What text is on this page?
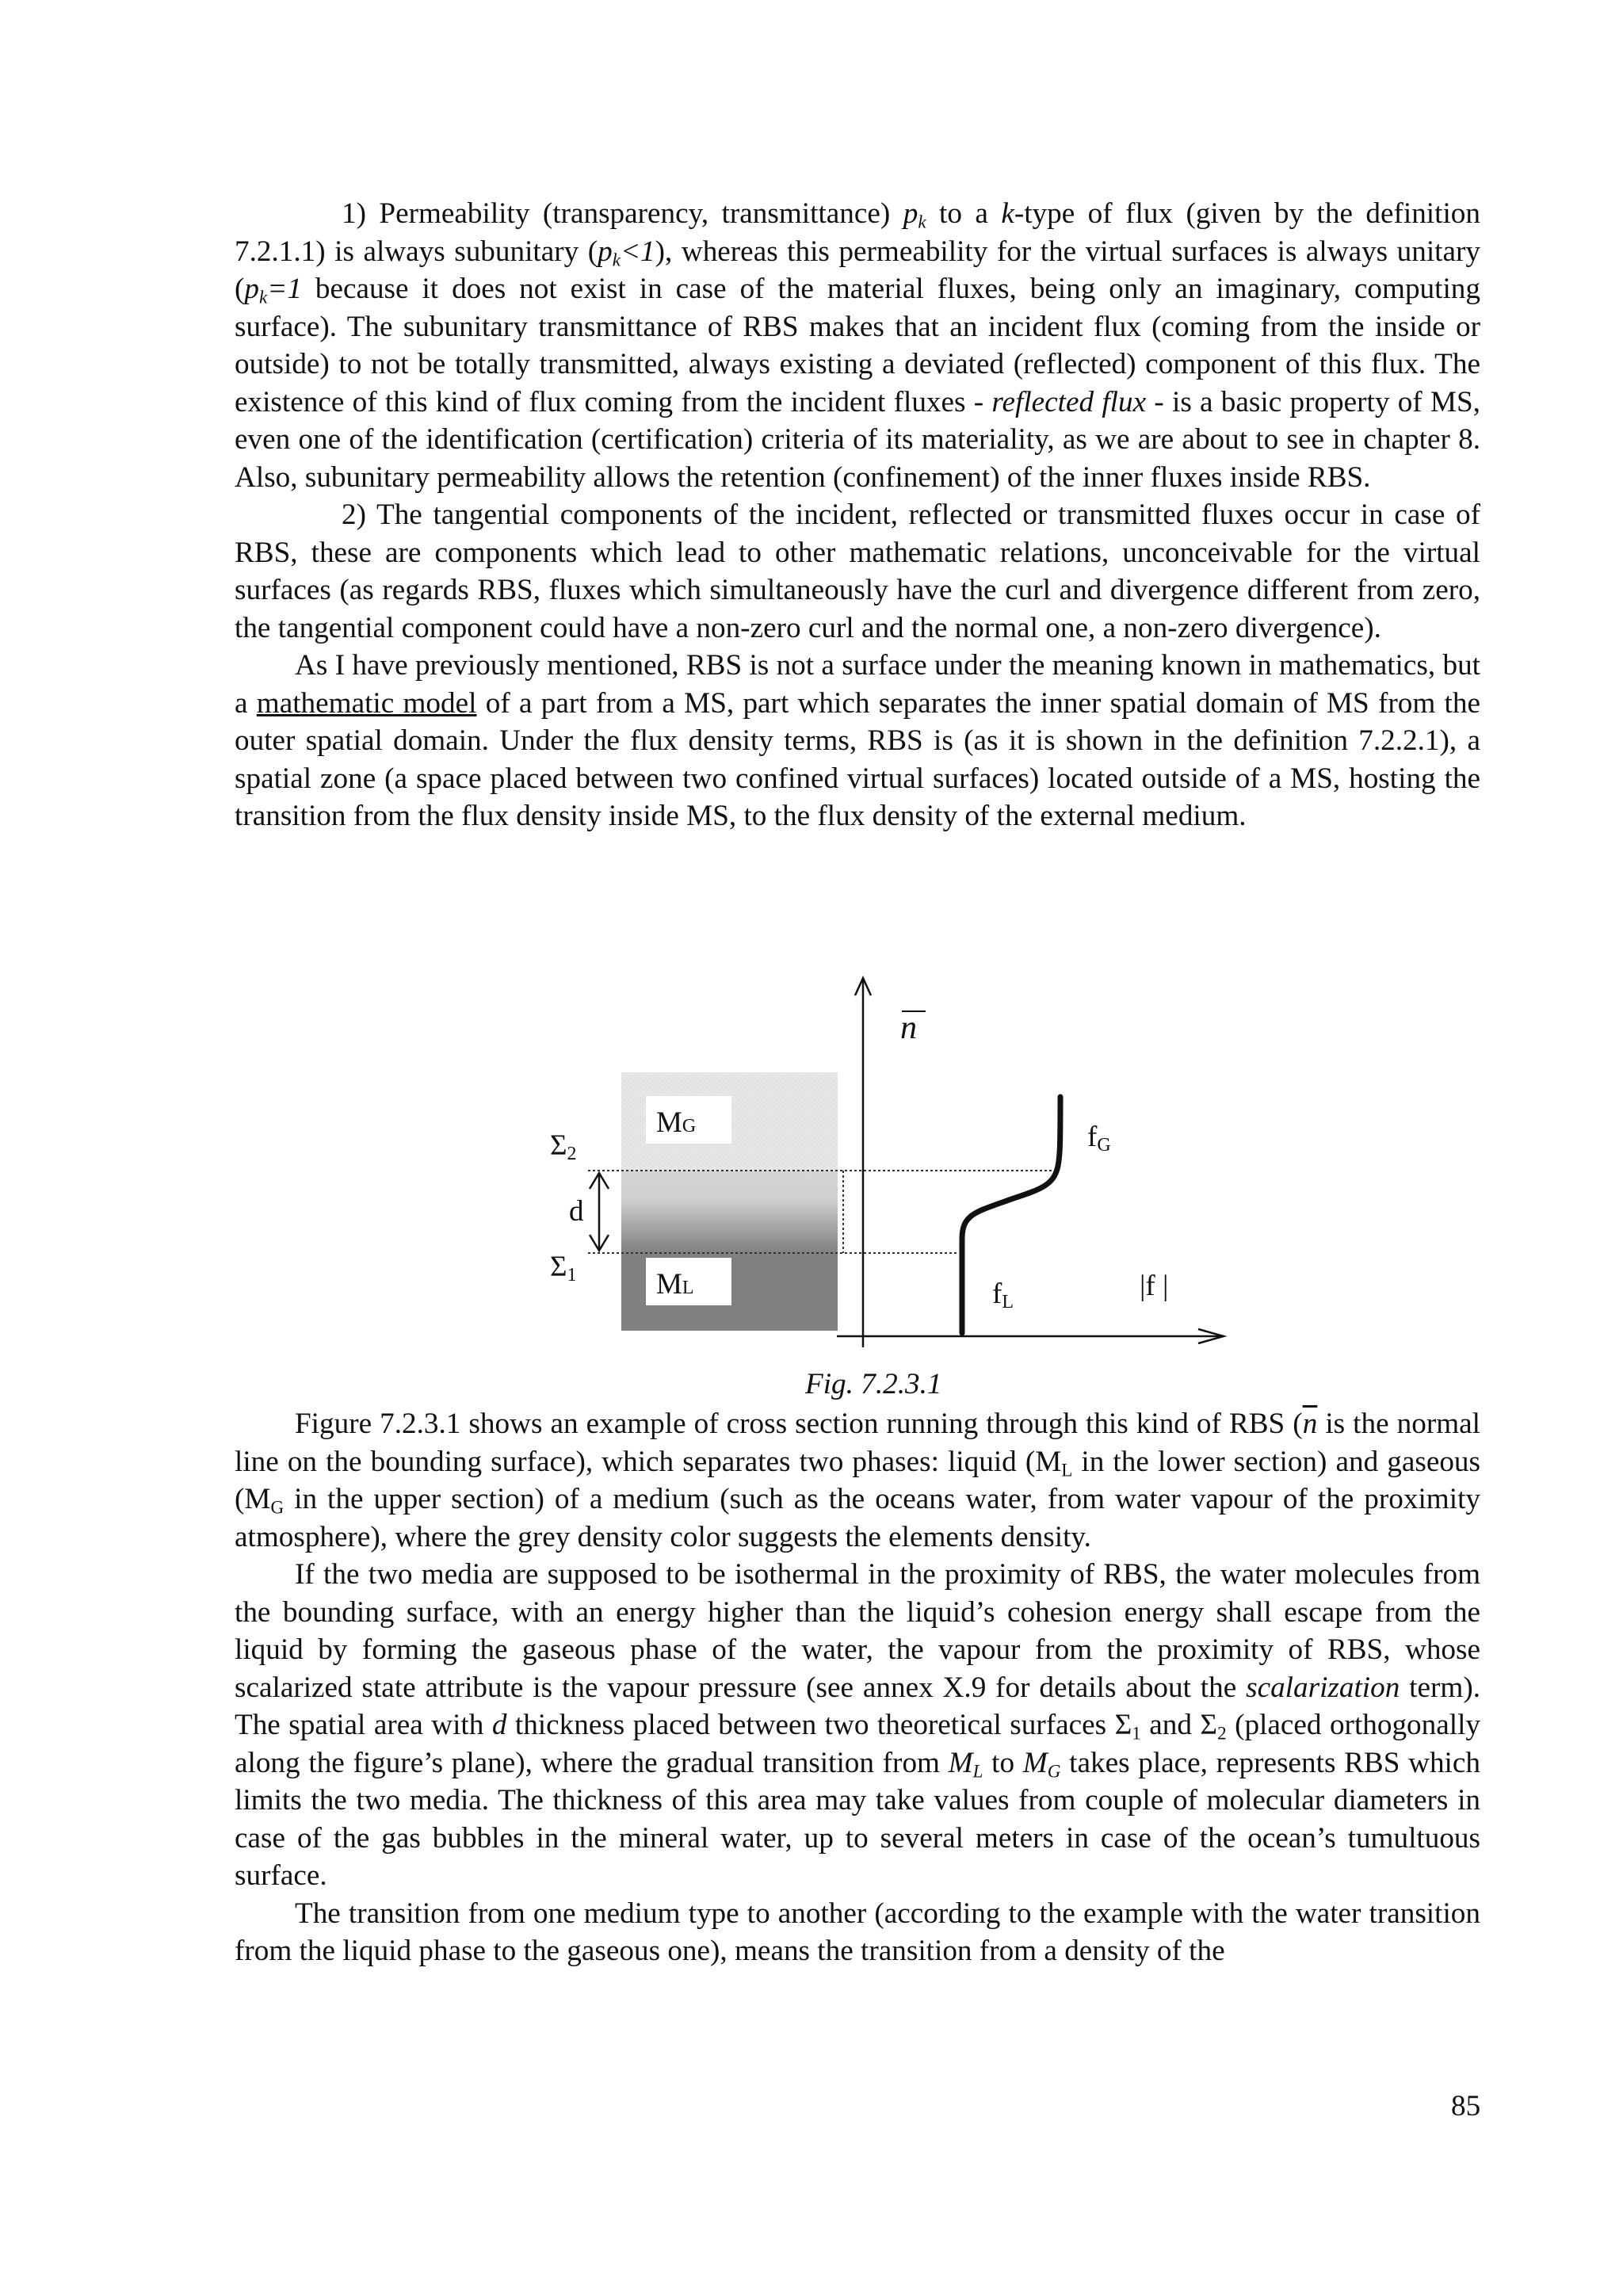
1) Permeability (transparency, transmittance) $p_k$ to a k-type of flux (given by the definition 7.2.1.1) is always subunitary $(p_k<1)$, whereas this permeability for the virtual surfaces is always unitary ($p_k=1$ because it does not exist in case of the material fluxes, being only an imaginary, computing surface). The subunitary transmittance of RBS makes that an incident flux (coming from the inside or outside) to not be totally transmitted, always existing a deviated (reflected) component of this flux. The existence of this kind of flux coming from the incident fluxes - reflected flux - is a basic property of MS, even one of the identification (certification) criteria of its materiality, as we are about to see in chapter 8. Also, subunitary permeability allows the retention (confinement) of the inner fluxes inside RBS.

2) The tangential components of the incident, reflected or transmitted fluxes occur in case of RBS, these are components which lead to other mathematic relations, unconceivable for the virtual surfaces (as regards RBS, fluxes which simultaneously have the curl and divergence different from zero, the tangential component could have a non-zero curl and the normal one, a non-zero divergence).

As I have previously mentioned, RBS is not a surface under the meaning known in mathematics, but a mathematic model of a part from a MS, part which separates the inner spatial domain of MS from the outer spatial domain. Under the flux density terms, RBS is (as it is shown in the definition 7.2.2.1), a spatial zone (a space placed between two confined virtual surfaces) located outside of a MS, hosting the transition from the flux density inside MS, to the flux density of the external medium.

MG
ML
n
Σ2
Σ1
d
fG
fL	|f |
Fig. 7.2.3.1

Figure 7.2.3.1 shows an example of cross section running through this kind of RBS ($\overline{n}$ is the normal line on the bounding surface), which separates two phases: liquid ($M_L$ in the lower section) and gaseous ($M_G$ in the upper section) of a medium (such as the oceans water, from water vapour of the proximity atmosphere), where the grey density color suggests the elements density.

If the two media are supposed to be isothermal in the proximity of RBS, the water molecules from the bounding surface, with an energy higher than the liquid’s cohesion energy shall escape from the liquid by forming the gaseous phase of the water, the vapour from the proximity of RBS, whose scalarized state attribute is the vapour pressure (see annex X.9 for details about the scalarization term). The spatial area with d thickness placed between two theoretical surfaces $\Sigma_1$ and $\Sigma_2$ (placed orthogonally along the figure’s plane), where the gradual transition from $M_L$ to $M_G$ takes place, represents RBS which limits the two media. The thickness of this area may take values from couple of molecular diameters in case of the gas bubbles in the mineral water, up to several meters in case of the ocean’s tumultuous surface.

The transition from one medium type to another (according to the example with the water transition from the liquid phase to the gaseous one), means the transition from a density of the

85
